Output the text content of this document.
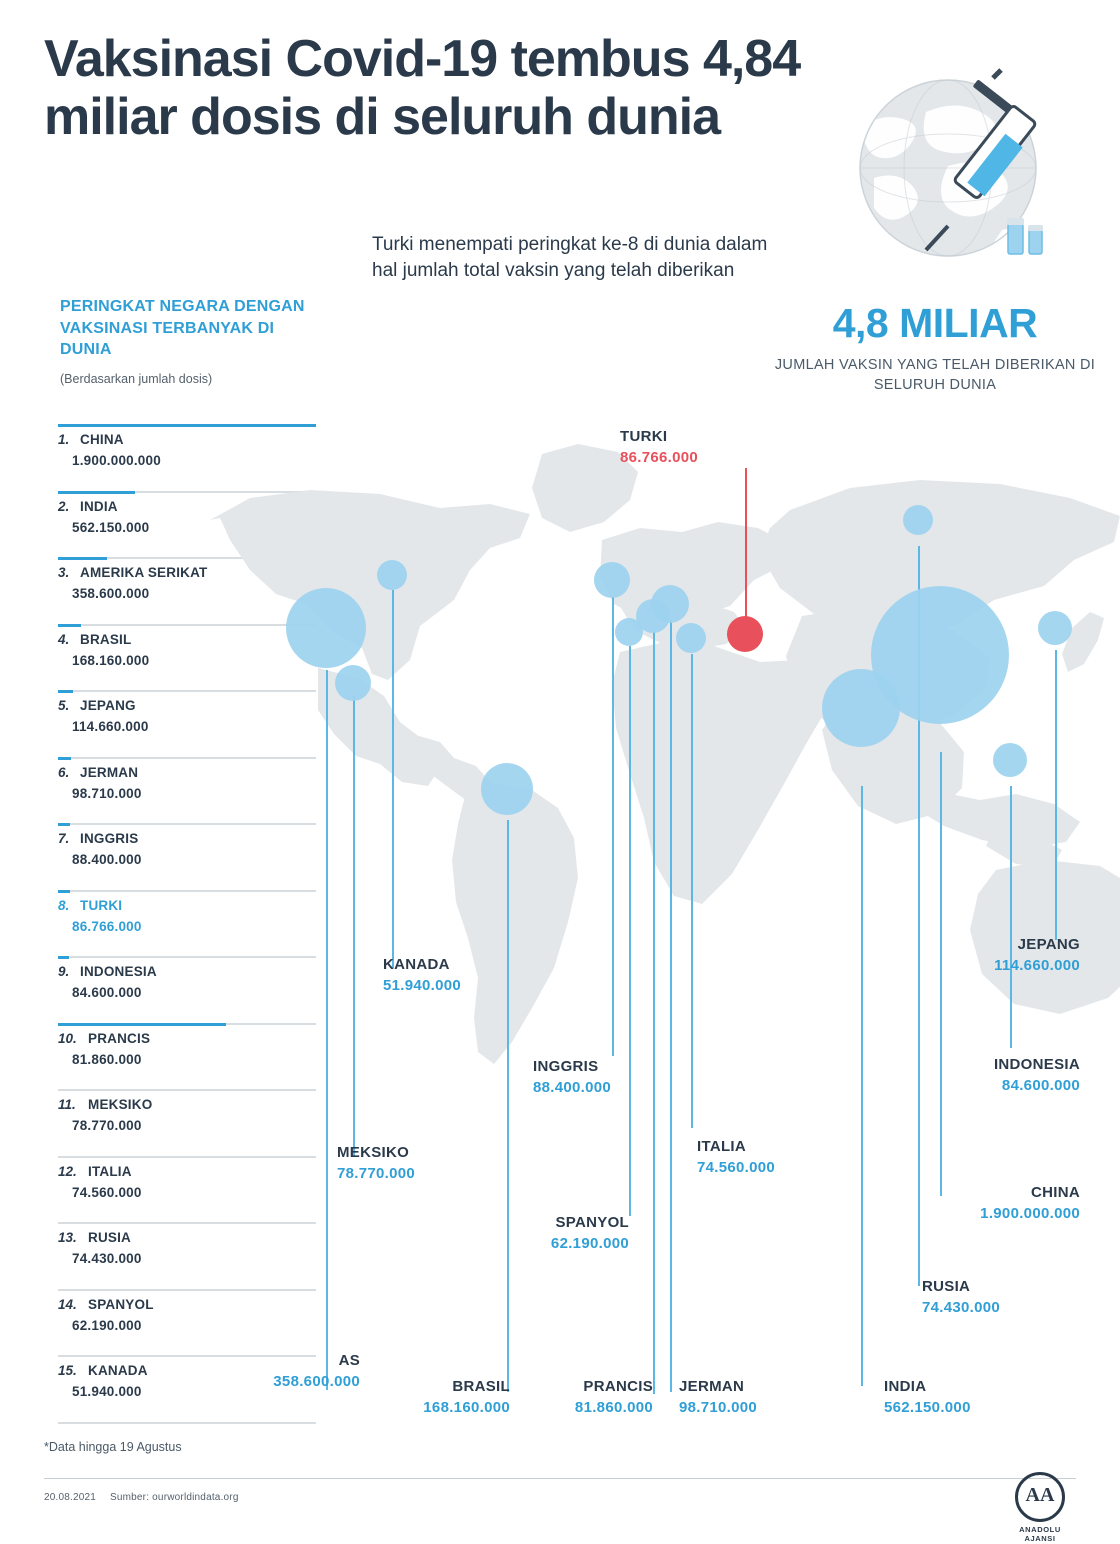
Vaksinasi Covid-19 tembus 4,84 miliar dosis di seluruh dunia
Turki menempati peringkat ke-8 di dunia dalam hal jumlah total vaksin yang telah diberikan
4,8 MILIAR
JUMLAH VAKSIN YANG TELAH DIBERIKAN DI SELURUH DUNIA
PERINGKAT NEGARA DENGAN VAKSINASI TERBANYAK DI DUNIA
(Berdasarkan jumlah dosis)
1. CHINA
1.900.000.000
2. INDIA
562.150.000
3. AMERIKA SERIKAT
358.600.000
4. BRASIL
168.160.000
5. JEPANG
114.660.000
6. JERMAN
98.710.000
7. INGGRIS
88.400.000
8. TURKI
86.766.000
9. INDONESIA
84.600.000
10. PRANCIS
81.860.000
11. MEKSIKO
78.770.000
12. ITALIA
74.560.000
13. RUSIA
74.430.000
14. SPANYOL
62.190.000
15. KANADA
51.940.000
TURKI
86.766.000
KANADA
51.940.000
MEKSIKO
78.770.000
AS
358.600.000	BRASIL
168.160.000
INGGRIS
88.400.000
SPANYOL
62.190.000
PRANCIS
81.860.000
ITALIA
74.560.000
JERMAN
98.710.000
RUSIA
74.430.000
INDIA
562.150.000
CHINA
1.900.000.000
INDONESIA
84.600.000
JEPANG
114.660.000
*Data hingga 19 Agustus
20.08.2021 Sumber: ourworldindata.org	AA
ANADOLU AJANSI
